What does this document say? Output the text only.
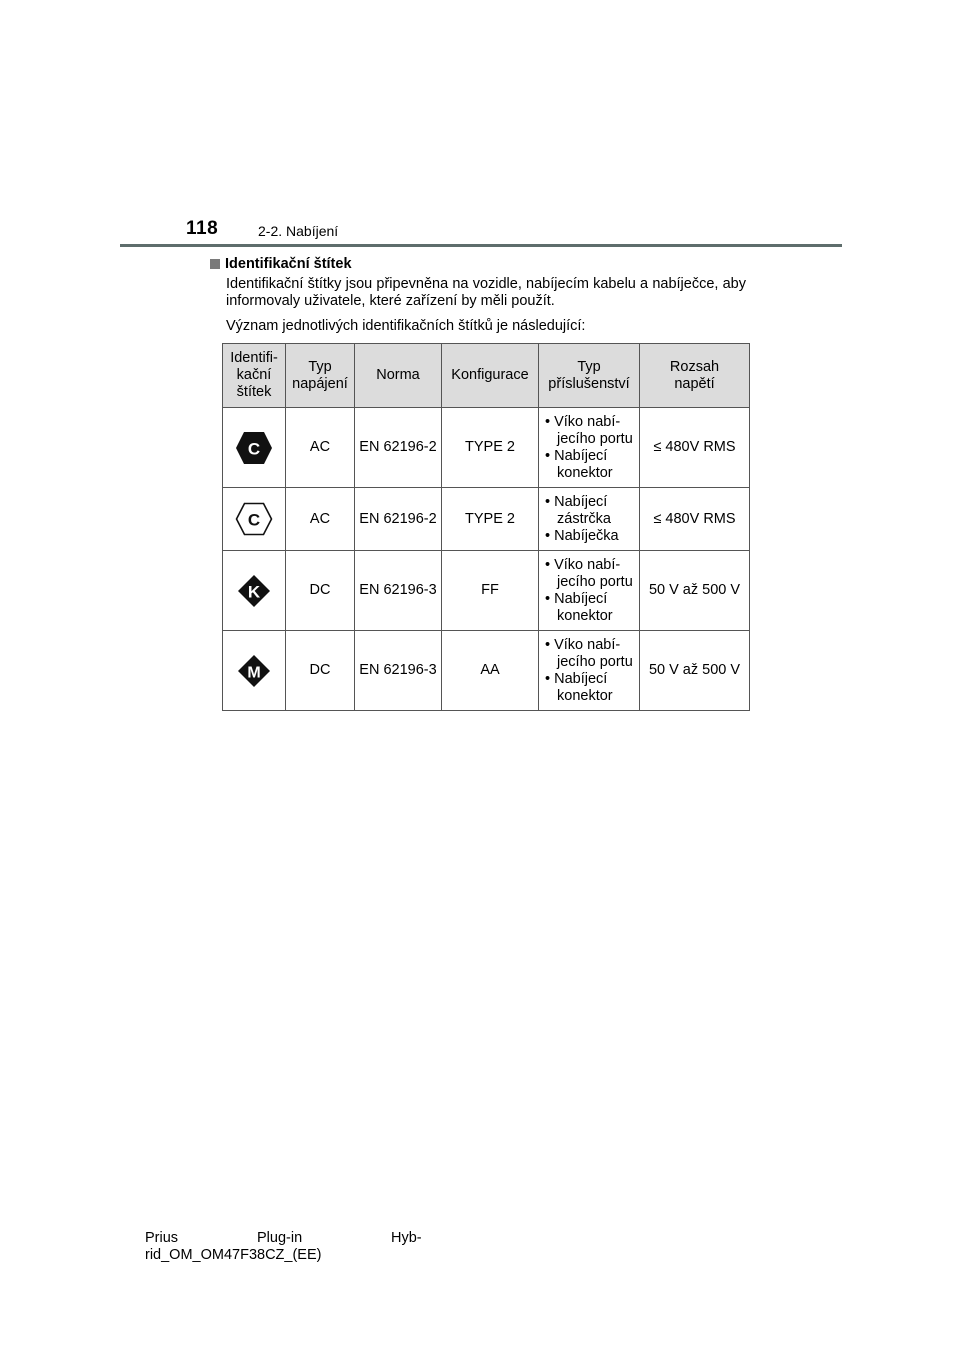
118	2-2. Nabíjení
Identifikační štítek
Identifikační štítky jsou připevněna na vozidle, nabíjecím kabelu a nabíječce, aby informovaly uživatele, které zařízení by měli použít.
Význam jednotlivých identifikačních štítků je následující:
Identifi-
kační
štítek	Typ
napájení	Norma	Konfigurace	Typ
příslušenství	Rozsah
napětí

C	AC	EN 62196-2	TYPE 2	• Víko nabí-
jecího portu
• Nabíjecí
konektor	≤ 480V RMS

C	AC	EN 62196-2	TYPE 2	• Nabíjecí
zástrčka
• Nabíječka	≤ 480V RMS

K	DC	EN 62196-3	FF	• Víko nabí-
jecího portu
• Nabíjecí
konektor	50 V až 500 V

M	DC	EN 62196-3	AA	• Víko nabí-
jecího portu
• Nabíjecí
konektor	50 V až 500 V
Prius	Plug-in	Hyb-
rid_OM_OM47F38CZ_(EE)
